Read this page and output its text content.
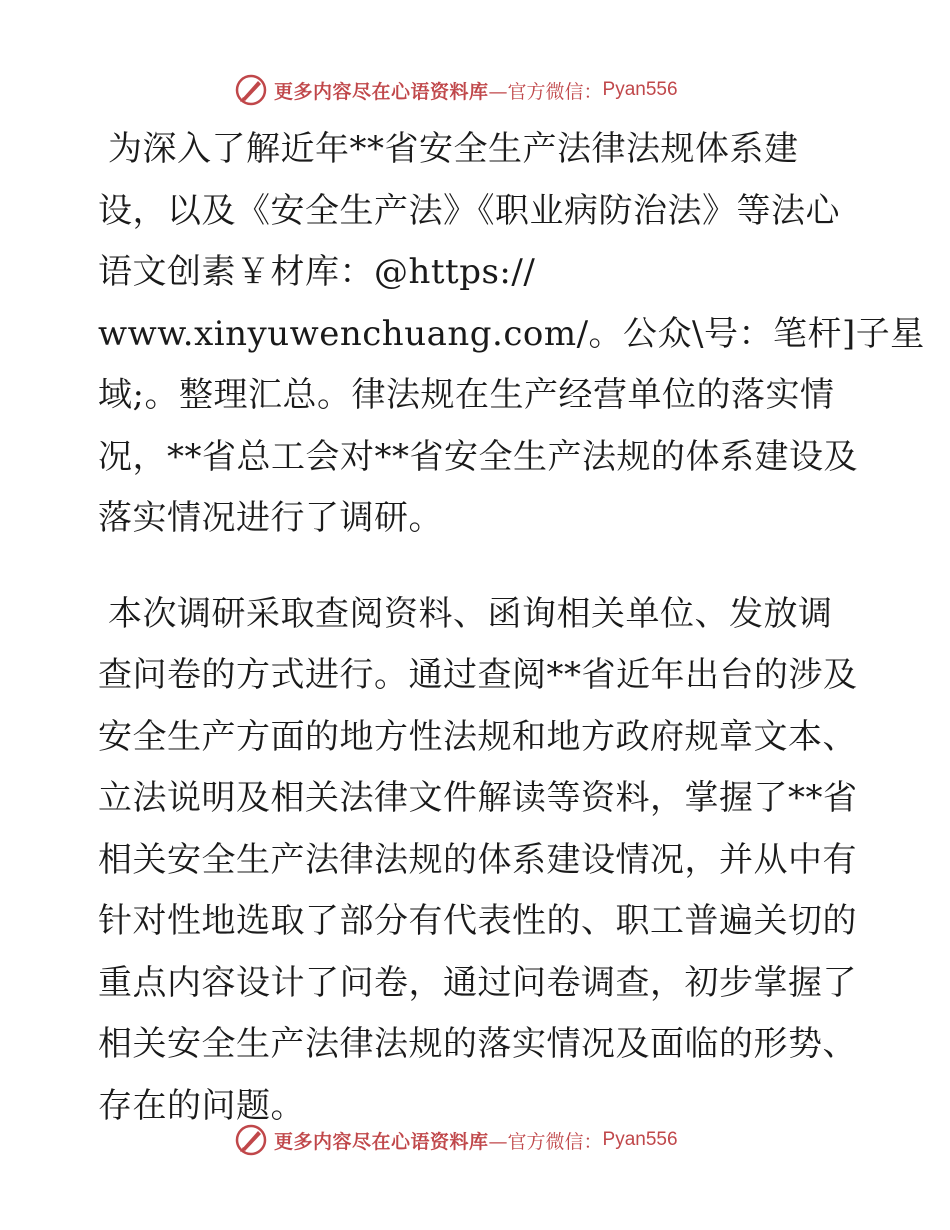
更多内容尽在心语资料库 —官方微信： Pyan556
为深入了解近年**省安全生产法律法规体系建
设，以及《安全生产法》《职业病防治法》等法心
语文创素￥材库：@https://
www.xinyuwenchuang.com/。公众\号：笔杆]子星
域;。整理汇总。律法规在生产经营单位的落实情
况，**省总工会对**省安全生产法规的体系建设及
落实情况进行了调研。
本次调研采取查阅资料、函询相关单位、发放调
查问卷的方式进行。通过查阅**省近年出台的涉及
安全生产方面的地方性法规和地方政府规章文本、
立法说明及相关法律文件解读等资料，掌握了**省
相关安全生产法律法规的体系建设情况，并从中有
针对性地选取了部分有代表性的、职工普遍关切的
重点内容设计了问卷，通过问卷调查，初步掌握了
相关安全生产法律法规的落实情况及面临的形势、
存在的问题。
更多内容尽在心语资料库 —官方微信： Pyan556
